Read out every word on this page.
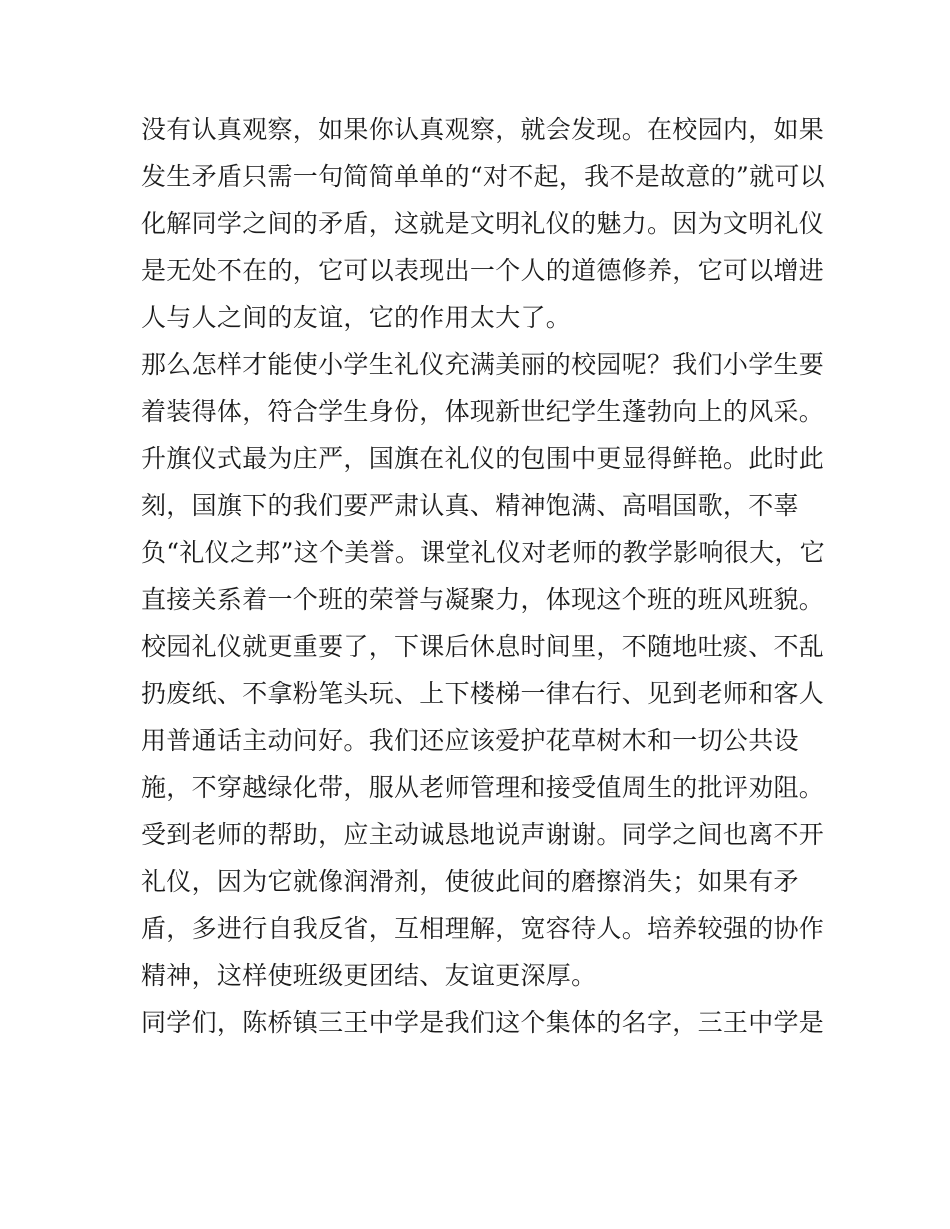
没有认真观察，如果你认真观察，就会发现。在校园内，如果
发生矛盾只需一句简简单单的“对不起，我不是故意的”就可以
化解同学之间的矛盾，这就是文明礼仪的魅力。因为文明礼仪
是无处不在的，它可以表现出一个人的道德修养，它可以增进
人与人之间的友谊，它的作用太大了。
那么怎样才能使小学生礼仪充满美丽的校园呢？我们小学生要
着装得体，符合学生身份，体现新世纪学生蓬勃向上的风采。
升旗仪式最为庄严，国旗在礼仪的包围中更显得鲜艳。此时此
刻，国旗下的我们要严肃认真、精神饱满、高唱国歌，不辜
负“礼仪之邦”这个美誉。课堂礼仪对老师的教学影响很大，它
直接关系着一个班的荣誉与凝聚力，体现这个班的班风班貌。
校园礼仪就更重要了，下课后休息时间里，不随地吐痰、不乱
扔废纸、不拿粉笔头玩、上下楼梯一律右行、见到老师和客人
用普通话主动问好。我们还应该爱护花草树木和一切公共设
施，不穿越绿化带，服从老师管理和接受值周生的批评劝阻。
受到老师的帮助，应主动诚恳地说声谢谢。同学之间也离不开
礼仪，因为它就像润滑剂，使彼此间的磨擦消失；如果有矛
盾，多进行自我反省，互相理解，宽容待人。培养较强的协作
精神，这样使班级更团结、友谊更深厚。
同学们，陈桥镇三王中学是我们这个集体的名字，三王中学是
